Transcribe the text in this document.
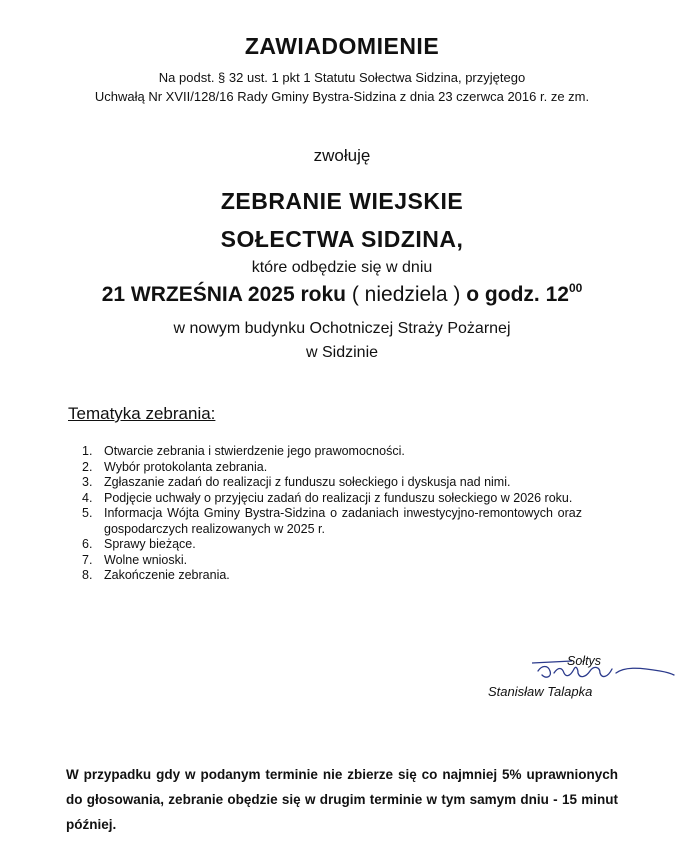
ZAWIADOMIENIE
Na podst. § 32 ust. 1 pkt 1 Statutu Sołectwa Sidzina, przyjętego
Uchwałą Nr XVII/128/16 Rady Gminy Bystra-Sidzina z dnia 23 czerwca 2016 r. ze zm.
zwołuję
ZEBRANIE WIEJSKIE
SOŁECTWA SIDZINA,
które odbędzie się w dniu
21 WRZEŚNIA 2025 roku ( niedziela ) o godz. $12^{00}$
w nowym budynku Ochotniczej Straży Pożarnej
w Sidzinie
Tematyka zebrania:
1. Otwarcie zebrania i stwierdzenie jego prawomocności.
2. Wybór protokolanta zebrania.
3. Zgłaszanie zadań do realizacji z funduszu sołeckiego i dyskusja nad nimi.
4. Podjęcie uchwały o przyjęciu zadań do realizacji z funduszu sołeckiego w 2026 roku.
5. Informacja Wójta Gminy Bystra-Sidzina o zadaniach inwestycyjno-remontowych oraz gospodarczych realizowanych w 2025 r.
6. Sprawy bieżące.
7. Wolne wnioski.
8. Zakończenie zebrania.
Sołtys
Stanisław Talapka
W przypadku gdy w podanym terminie nie zbierze się co najmniej 5% uprawnionych do głosowania, zebranie obędzie się w drugim terminie w tym samym dniu - 15 minut później.
